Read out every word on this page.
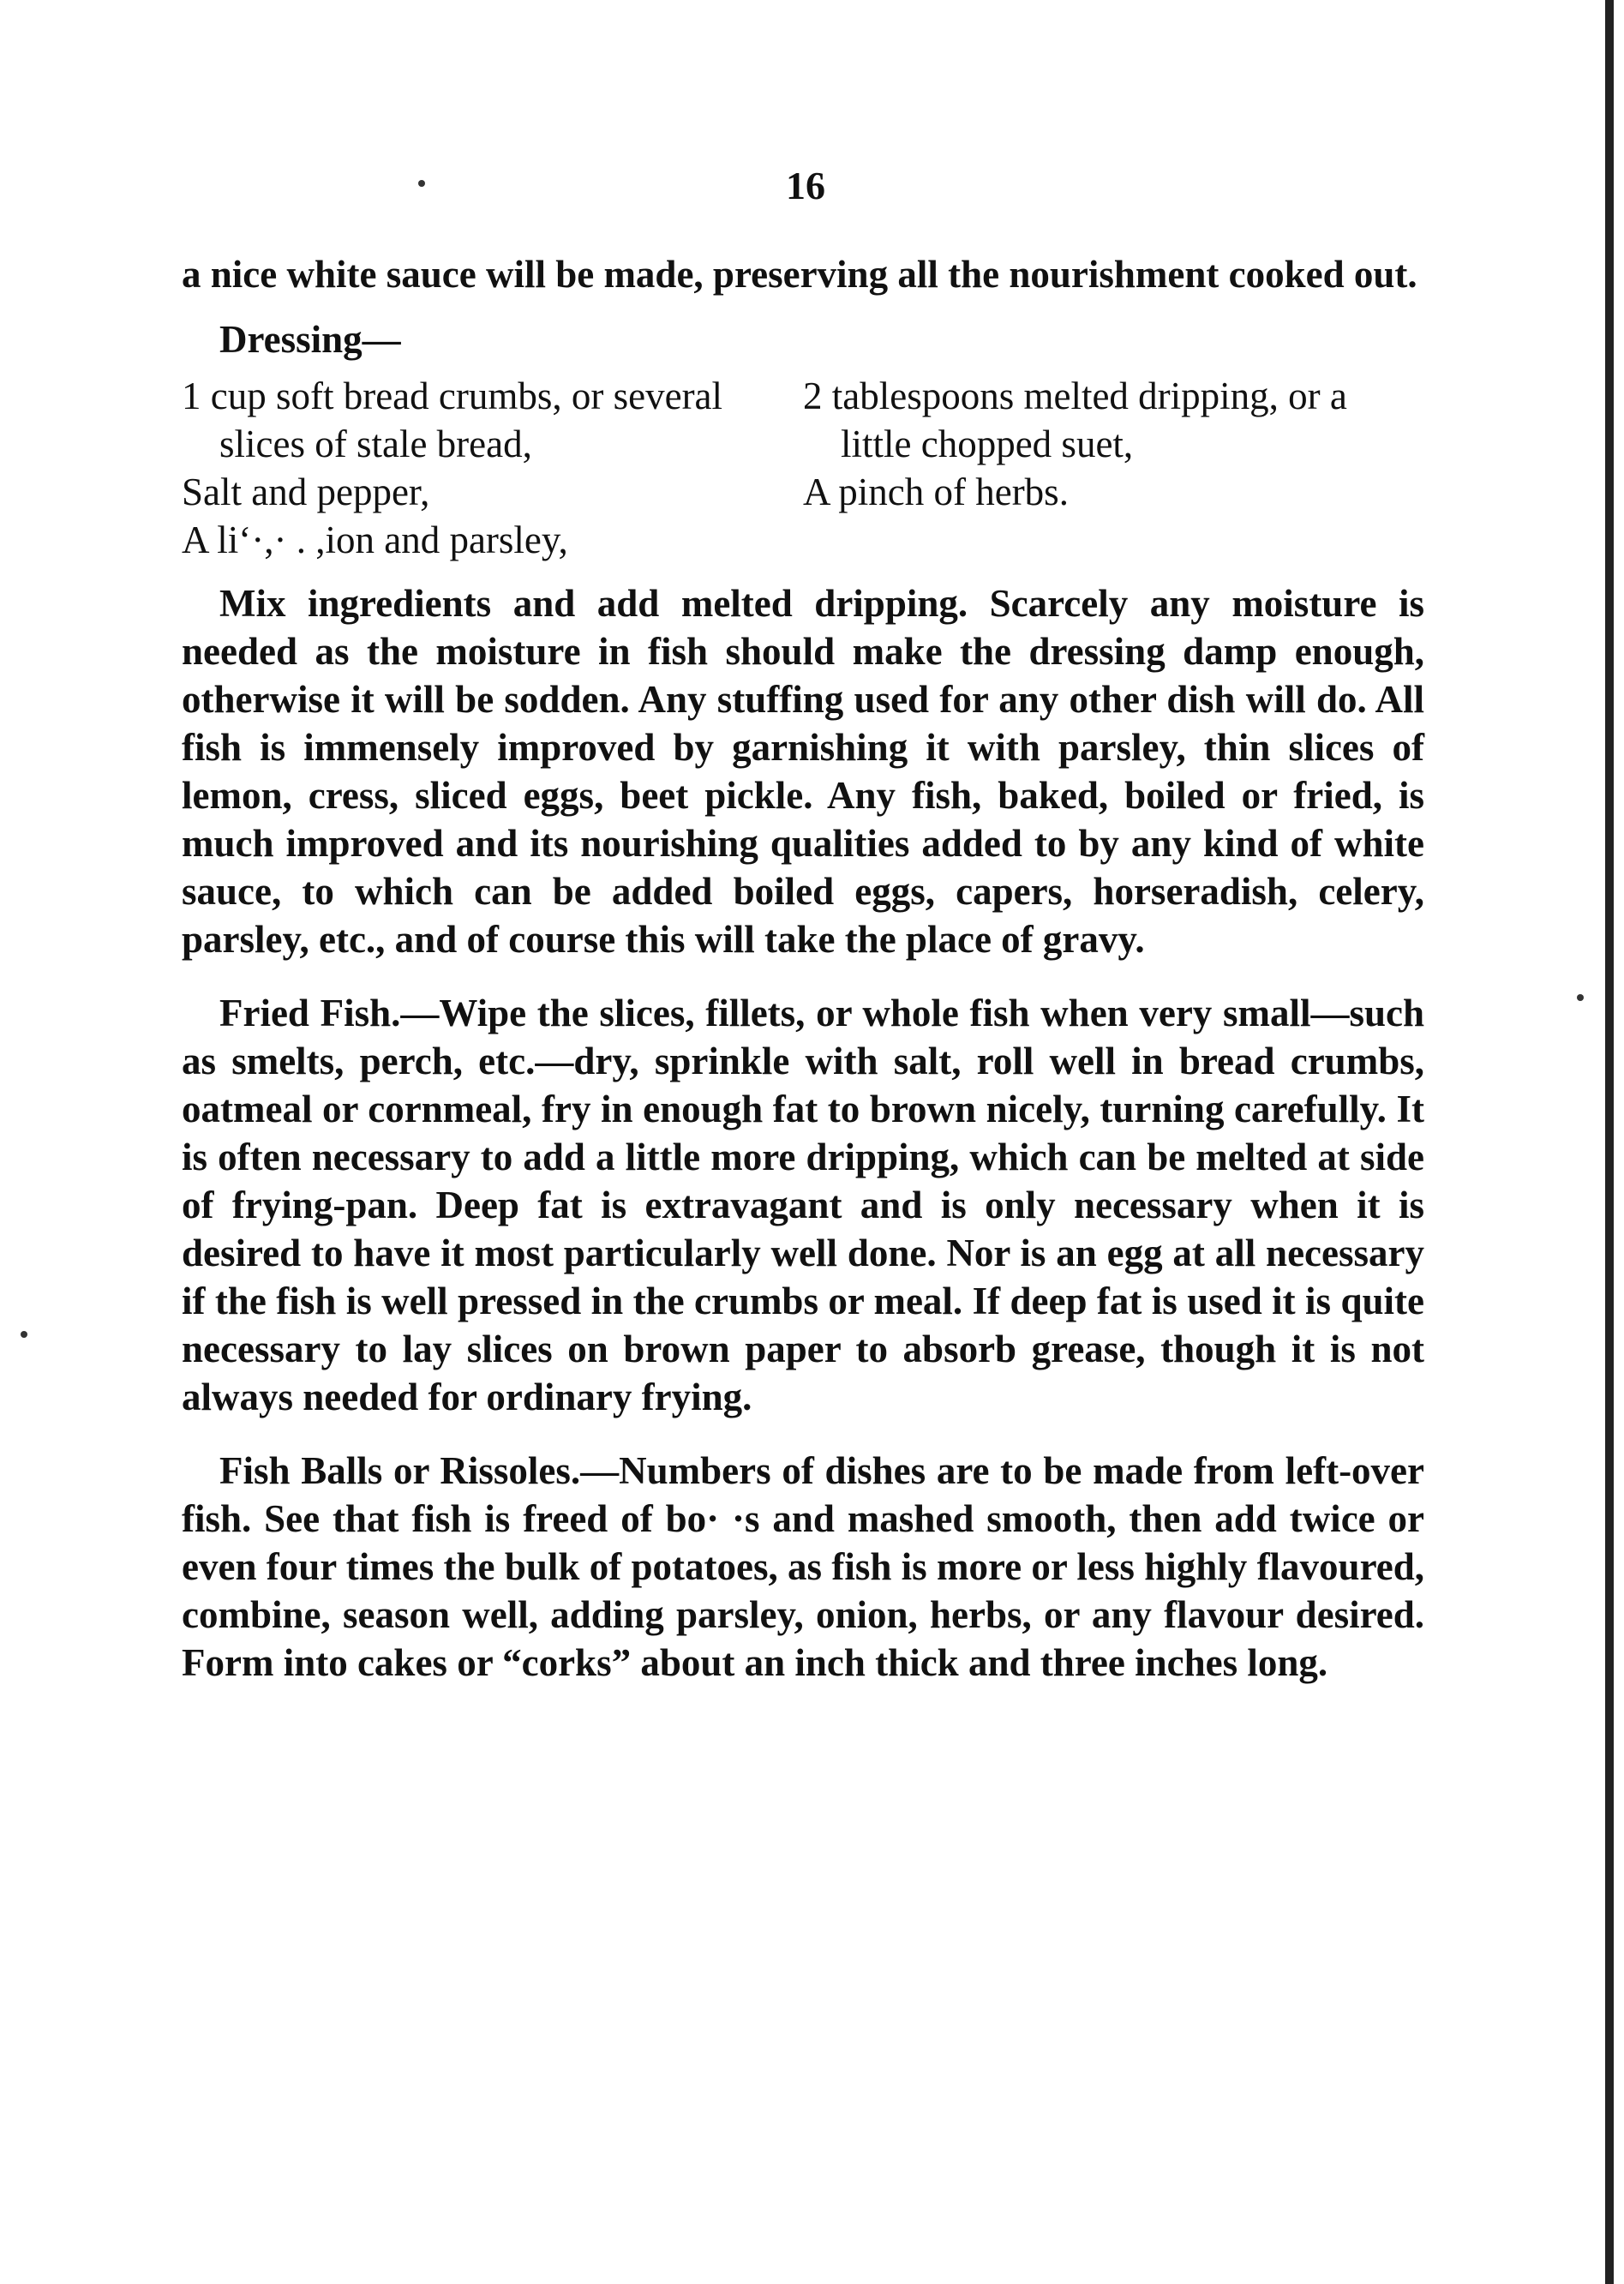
16

a nice white sauce will be made, preserving all the nourishment cooked out.

Dressing—
1 cup soft bread crumbs, or several slices of stale bread,
Salt and pepper,
A li‘·,· . ,ion and parsley,
2 tablespoons melted dripping, or a little chopped suet,
A pinch of herbs.

Mix ingredients and add melted dripping. Scarcely any moisture is needed as the moisture in fish should make the dressing damp enough, otherwise it will be sodden. Any stuffing used for any other dish will do. All fish is immensely improved by garnishing it with parsley, thin slices of lemon, cress, sliced eggs, beet pickle. Any fish, baked, boiled or fried, is much improved and its nourishing qualities added to by any kind of white sauce, to which can be added boiled eggs, capers, horseradish, celery, parsley, etc., and of course this will take the place of gravy.

Fried Fish.—Wipe the slices, fillets, or whole fish when very small—such as smelts, perch, etc.—dry, sprinkle with salt, roll well in bread crumbs, oatmeal or cornmeal, fry in enough fat to brown nicely, turning carefully. It is often necessary to add a little more dripping, which can be melted at side of frying-pan. Deep fat is extravagant and is only necessary when it is desired to have it most particularly well done. Nor is an egg at all necessary if the fish is well pressed in the crumbs or meal. If deep fat is used it is quite necessary to lay slices on brown paper to absorb grease, though it is not always needed for ordinary frying.

Fish Balls or Rissoles.—Numbers of dishes are to be made from left-over fish. See that fish is freed of bo· ·s and mashed smooth, then add twice or even four times the bulk of potatoes, as fish is more or less highly flavoured, combine, season well, adding parsley, onion, herbs, or any flavour desired. Form into cakes or “corks” about an inch thick and three inches long.
